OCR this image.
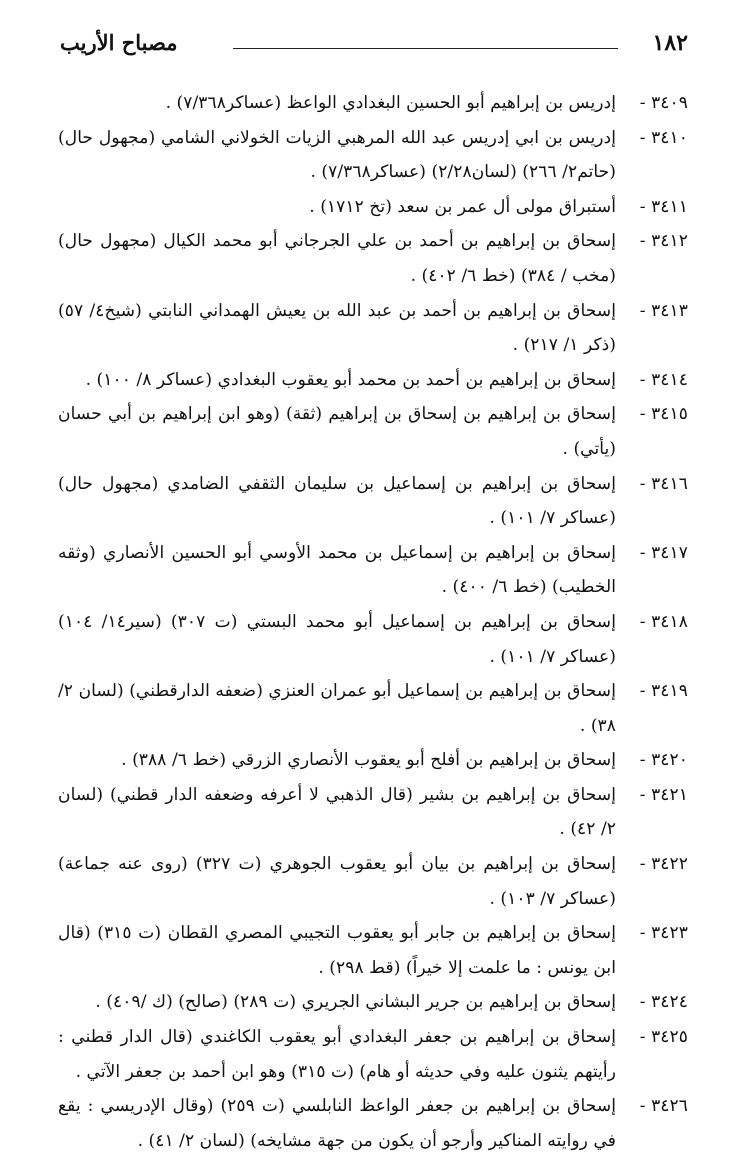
١٨٢
مصباح الأريب
٣٤٠٩ -
إدريس بن إبراهيم أبو الحسين البغدادي الواعظ (عساكر٧/٣٦٨) .
٣٤١٠ -
إدريس بن ابي إدريس عبد الله المرهبي الزيات الخولاني الشامي (مجهول حال) (حاتم٢/ ٢٦٦) (لسان٢/٢٨) (عساكر٧/٣٦٨) .
٣٤١١ -
أستبراق مولى أل عمر بن سعد (تخ ١٧١٢) .
٣٤١٢ -
إسحاق بن إبراهيم بن أحمد بن علي الجرجاني أبو محمد الكيال (مجهول حال) (مخب / ٣٨٤) (خط ٦/ ٤٠٢) .
٣٤١٣ -
إسحاق بن إبراهيم بن أحمد بن عبد الله بن يعيش الهمداني النابتي (شيخ٤/ ٥٧)(ذكر ١/ ٢١٧) .
٣٤١٤ -
إسحاق بن إبراهيم بن أحمد بن محمد أبو يعقوب البغدادي (عساكر ٨/ ١٠٠) .
٣٤١٥ -
إسحاق بن إبراهيم بن إسحاق بن إبراهيم (ثقة) (وهو ابن إبراهيم بن أبي حسان (يأتي) .
٣٤١٦ -
إسحاق بن إبراهيم بن إسماعيل بن سليمان الثقفي الضامدي (مجهول حال) (عساكر ٧/ ١٠١) .
٣٤١٧ -
إسحاق بن إبراهيم بن إسماعيل بن محمد الأوسي أبو الحسين الأنصاري (وثقه الخطيب) (خط ٦/ ٤٠٠) .
٣٤١٨ -
إسحاق بن إبراهيم بن إسماعيل أبو محمد البستي (ت ٣٠٧) (سير١٤/ ١٠٤) (عساكر ٧/ ١٠١) .
٣٤١٩ -
إسحاق بن إبراهيم بن إسماعيل أبو عمران العنزي (ضعفه الدارقطني) (لسان ٢/ ٣٨) .
٣٤٢٠ -
إسحاق بن إبراهيم بن أفلح أبو يعقوب الأنصاري الزرقي (خط ٦/ ٣٨٨) .
٣٤٢١ -
إسحاق بن إبراهيم بن بشير (قال الذهبي لا أعرفه وضعفه الدار قطني) (لسان ٢/ ٤٢) .
٣٤٢٢ -
إسحاق بن إبراهيم بن بيان أبو يعقوب الجوهري (ت ٣٢٧) (روى عنه جماعة) (عساكر ٧/ ١٠٣) .
٣٤٢٣ -
إسحاق بن إبراهيم بن جابر أبو يعقوب التجيبي المصري القطان (ت ٣١٥) (قال ابن يونس : ما علمت إلا خيراً) (قط ٢٩٨) .
٣٤٢٤ -
إسحاق بن إبراهيم بن جرير البشاني الجريري (ت ٢٨٩) (صالح) (ك /٤٠٩) .
٣٤٢٥ -
إسحاق بن إبراهيم بن جعفر البغدادي أبو يعقوب الكاغندي (قال الدار قطني : رأيتهم يثنون عليه وفي حديثه أو هام) (ت ٣١٥) وهو ابن أحمد بن جعفر الآتي .
٣٤٢٦ -
إسحاق بن إبراهيم بن جعفر الواعظ النابلسي (ت ٢٥٩) (وقال الإدريسي : يقع في روايته المناكير وأرجو أن يكون من جهة مشايخه) (لسان ٢/ ٤١) .
